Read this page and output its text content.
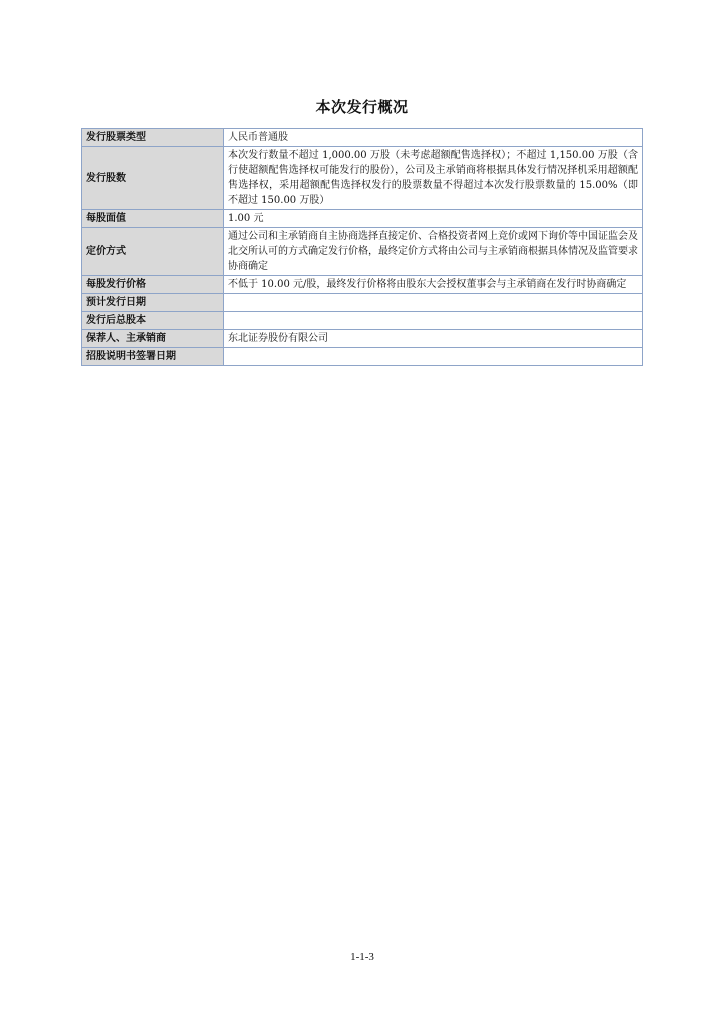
本次发行概况
发行股票类型	人民币普通股
发行股数	本次发行数量不超过 1,000.00 万股（未考虑超额配售选择权）；不超过 1,150.00 万股（含行使超额配售选择权可能发行的股份），公司及主承销商将根据具体发行情况择机采用超额配售选择权，采用超额配售选择权发行的股票数量不得超过本次发行股票数量的 15.00%（即不超过 150.00 万股）
每股面值	1.00 元
定价方式	通过公司和主承销商自主协商选择直接定价、合格投资者网上竞价或网下询价等中国证监会及北交所认可的方式确定发行价格，最终定价方式将由公司与主承销商根据具体情况及监管要求协商确定
每股发行价格	不低于 10.00 元/股，最终发行价格将由股东大会授权董事会与主承销商在发行时协商确定
预计发行日期	
发行后总股本	
保荐人、主承销商	东北证券股份有限公司
招股说明书签署日期	
1-1-3
